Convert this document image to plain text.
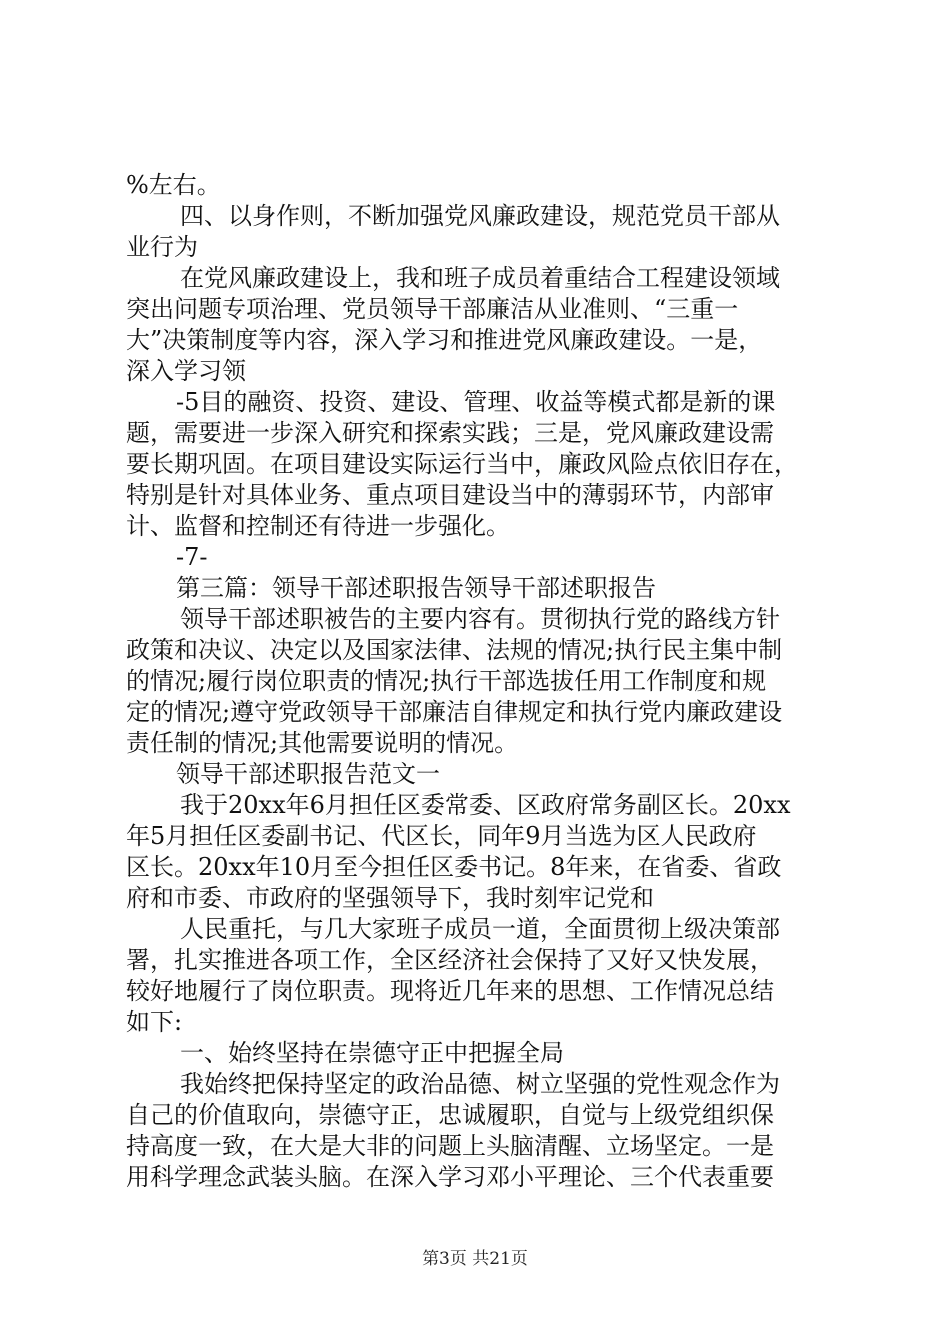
%左右。
四、以身作则，不断加强党风廉政建设，规范党员干部从
业行为
在党风廉政建设上，我和班子成员着重结合工程建设领域
突出问题专项治理、党员领导干部廉洁从业准则、“三重一
大”决策制度等内容，深入学习和推进党风廉政建设。一是，
深入学习领
-5目的融资、投资、建设、管理、收益等模式都是新的课
题，需要进一步深入研究和探索实践；三是，党风廉政建设需
要长期巩固。在项目建设实际运行当中，廉政风险点依旧存在，
特别是针对具体业务、重点项目建设当中的薄弱环节，内部审
计、监督和控制还有待进一步强化。
-7-
第三篇：领导干部述职报告领导干部述职报告
领导干部述职被告的主要内容有。贯彻执行党的路线方针
政策和决议、决定以及国家法律、法规的情况;执行民主集中制
的情况;履行岗位职责的情况;执行干部选拔任用工作制度和规
定的情况;遵守党政领导干部廉洁自律规定和执行党内廉政建设
责任制的情况;其他需要说明的情况。
领导干部述职报告范文一
我于20xx年6月担任区委常委、区政府常务副区长。20xx
年5月担任区委副书记、代区长，同年9月当选为区人民政府
区长。20xx年10月至今担任区委书记。8年来，在省委、省政
府和市委、市政府的坚强领导下，我时刻牢记党和
人民重托，与几大家班子成员一道，全面贯彻上级决策部
署，扎实推进各项工作，全区经济社会保持了又好又快发展，
较好地履行了岗位职责。现将近几年来的思想、工作情况总结
如下:
一、始终坚持在崇德守正中把握全局
我始终把保持坚定的政治品德、树立坚强的党性观念作为
自己的价值取向，崇德守正，忠诚履职，自觉与上级党组织保
持高度一致，在大是大非的问题上头脑清醒、立场坚定。一是
用科学理念武装头脑。在深入学习邓小平理论、三个代表重要
第3页 共21页
